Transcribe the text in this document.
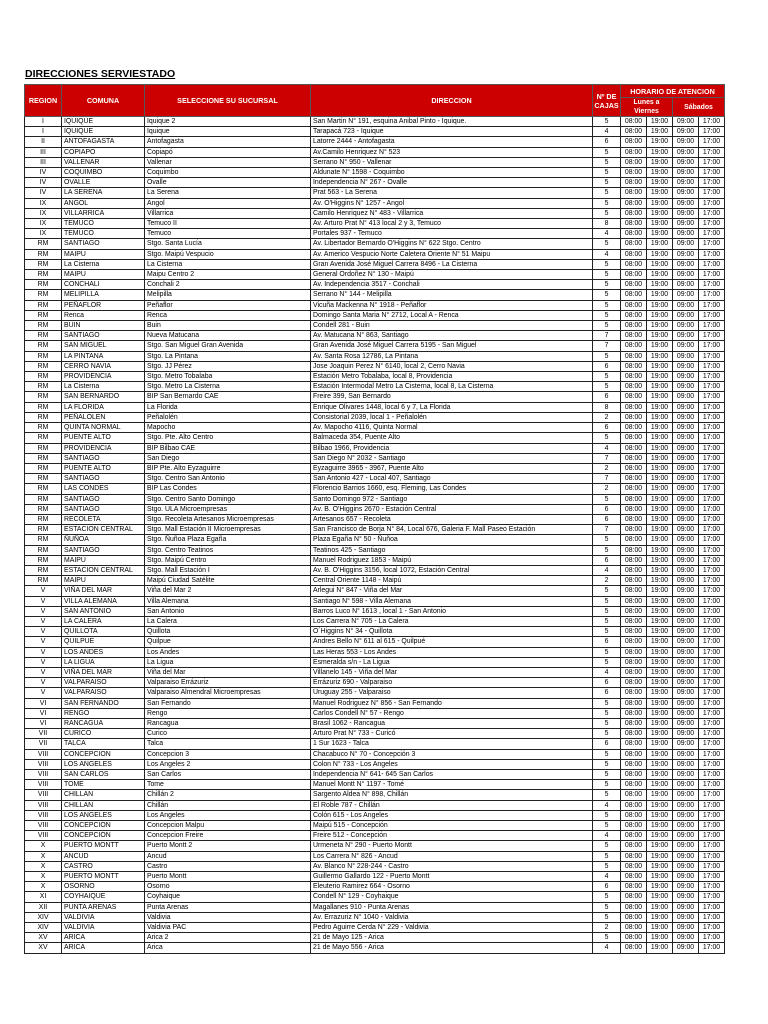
DIRECCIONES SERVIESTADO
REGION	COMUNA	SELECCIONE SU SUCURSAL	DIRECCION	Nº DE CAJAS	HORARIO DE ATENCION			
					Lunes a Viernes		Sábados	
I	IQUIQUE	Iquique 2	San Martin N° 191, esquina Anibal Pinto - Iquique.	5	08:00	19:00	09:00	17:00
I	IQUIQUE	Iquique	Tarapacá 723 - Iquique	4	08:00	19:00	09:00	17:00
II	ANTOFAGASTA	Antofagasta	Latorre 2444 - Antofagasta	6	08:00	19:00	09:00	17:00
III	COPIAPO	Copiapó	Av.Camilo Henriquez N° 523	5	08:00	19:00	09:00	17:00
III	VALLENAR	Vallenar	Serrano N° 950 - Vallenar	5	08:00	19:00	09:00	17:00
IV	COQUIMBO	Coquimbo	Aldunate N° 1598 - Coquimbo	5	08:00	19:00	09:00	17:00
IV	OVALLE	Ovalle	Independencia N° 267 - Ovalle	5	08:00	19:00	09:00	17:00
IV	LA SERENA	La Serena	Prat 563 - La Serena	5	08:00	19:00	09:00	17:00
IX	ANGOL	Angol	Av. O'Higgins N° 1257 - Angol	5	08:00	19:00	09:00	17:00
IX	VILLARRICA	Villarrica	Camilo Henriquez N° 483 - Villarrica	5	08:00	19:00	09:00	17:00
IX	TEMUCO	Temuco II	Av. Arturo Prat N° 413 local 2 y 3, Temuco	8	08:00	19:00	09:00	17:00
IX	TEMUCO	Temuco	Portales 937 - Temuco	4	08:00	19:00	09:00	17:00
RM	SANTIAGO	Stgo. Santa Lucía	Av. Libertador Bernardo O'Higgins N° 622 Stgo. Centro	5	08:00	19:00	09:00	17:00
RM	MAIPU	Stgo. Maipú Vespucio	Av. Americo Vespucio Norte Caletera Oriente N° 51 Maipu	4	08:00	19:00	09:00	17:00
RM	La Cisterna	La Cisterna	Gran Avenida José Miguel Carrera 8496 - La Cisterna	5	08:00	19:00	09:00	17:00
RM	MAIPU	Maipu Centro 2	General Ordoñez N° 130 - Maipú	5	08:00	19:00	09:00	17:00
RM	CONCHALI	Conchali 2	Av. Independencia 3517 - Conchali	5	08:00	19:00	09:00	17:00
RM	MELIPILLA	Melipilla	Serrano N° 144 - Melipilla	5	08:00	19:00	09:00	17:00
RM	PEÑAFLOR	Peñaflor	Vicuña Mackenna N° 1918 - Peñaflor	5	08:00	19:00	09:00	17:00
RM	Renca	Renca	Domingo Santa Maria N° 2712, Local A - Renca	5	08:00	19:00	09:00	17:00
RM	BUIN	Buin	Condell 281 - Buin	5	08:00	19:00	09:00	17:00
RM	SANTIAGO	Nueva Matucana	Av. Matucana N° 863, Santiago	7	08:00	19:00	09:00	17:00
RM	SAN MIGUEL	Stgo. San Miguel Gran Avenida	Gran Avenida José Miguel Carrera 5195 - San Miguel	7	08:00	19:00	09:00	17:00
RM	LA PINTANA	Stgo. La Pintana	Av. Santa Rosa 12786, La Pintana	5	08:00	19:00	09:00	17:00
RM	CERRO NAVIA	Stgo. JJ Pérez	Jose Joaquin Perez N° 6140, local 2, Cerro Navia	6	08:00	19:00	09:00	17:00
RM	PROVIDENCIA	Stgo. Metro Tobalaba	Estación Metro Tobalaba, local 8, Providencia	5	08:00	19:00	09:00	17:00
RM	La Cisterna	Stgo. Metro La Cisterna	Estación Intermodal Metro La Cisterna, local 8, La Cisterna	5	08:00	19:00	09:00	17:00
RM	SAN BERNARDO	BIP San Bernardo CAE	Freire 399, San Bernardo	6	08:00	19:00	09:00	17:00
RM	LA FLORIDA	La Florida	Enrique Olivares 1448, local 6 y 7, La Florida	8	08:00	19:00	09:00	17:00
RM	PEÑALOLEN	Peñalolén	Consistorial 2039, local 1 - Peñalolén	2	08:00	19:00	09:00	17:00
RM	QUINTA NORMAL	Mapocho	Av. Mapocho 4116, Quinta Normal	6	08:00	19:00	09:00	17:00
RM	PUENTE ALTO	Stgo. Pte. Alto Centro	Balmaceda 354, Puente Alto	5	08:00	19:00	09:00	17:00
RM	PROVIDENCIA	BIP Bilbao CAE	Bilbao 1966, Providencia	4	08:00	19:00	09:00	17:00
RM	SANTIAGO	San Diego	San Diego N° 2032 - Santiago	7	08:00	19:00	09:00	17:00
RM	PUENTE ALTO	BIP Pte. Alto Eyzaguirre	Eyzaguirre 3965 - 3967, Puente Alto	2	08:00	19:00	09:00	17:00
RM	SANTIAGO	Stgo. Centro San Antonio	San Antonio 427 - Local 407, Santiago	7	08:00	19:00	09:00	17:00
RM	LAS CONDES	BIP Las Condes	Florencio Barrios 1660, esq. Fleming, Las Condes	2	08:00	19:00	09:00	17:00
RM	SANTIAGO	Stgo. Centro Santo Domingo	Santo Domingo 972 - Santiago	5	08:00	19:00	09:00	17:00
RM	SANTIAGO	Stgo. ULA Microempresas	Av. B. O'Higgins 2670 - Estación Central	6	08:00	19:00	09:00	17:00
RM	RECOLETA	Stgo. Recoleta Artesanos Microempresas	Artesanos 657 - Recoleta	6	08:00	19:00	09:00	17:00
RM	ESTACION CENTRAL	Stgo. Mall Estación II Microempresas	San Francisco de Borja N° 84, Local 676, Galeria F. Mall Paseo Estación	7	08:00	19:00	09:00	17:00
RM	ÑUÑOA	Stgo. Ñuñoa Plaza Egaña	Plaza Egaña N° 50 - Ñuñoa	5	08:00	19:00	09:00	17:00
RM	SANTIAGO	Stgo. Centro Teatinos	Teatinos 425 - Santiago	5	08:00	19:00	09:00	17:00
RM	MAIPU	Stgo. Maipú Centro	Manuel Rodriguez 1853 - Maipú	6	08:00	19:00	09:00	17:00
RM	ESTACION CENTRAL	Stgo. Mall Estación I	Av. B. O'Higgins 3156, local 1072, Estación Central	4	08:00	19:00	09:00	17:00
RM	MAIPU	Maipú Ciudad Satélite	Central Oriente 1148 - Maipú	2	08:00	19:00	09:00	17:00
V	VIÑA DEL MAR	Viña del Mar 2	Arlegui N° 847 - Viña del Mar	5	08:00	19:00	09:00	17:00
V	VILLA ALEMANA	Villa Alemana	Santiago N° 598 - Villa Alemana	5	08:00	19:00	09:00	17:00
V	SAN ANTONIO	San Antonio	Barros Luco N° 1613 , local 1 - San Antonio	5	08:00	19:00	09:00	17:00
V	LA CALERA	La Calera	Los Carrera N° 705 - La Calera	5	08:00	19:00	09:00	17:00
V	QUILLOTA	Quillota	O´Higgins N° 34 - Quillota	5	08:00	19:00	09:00	17:00
V	QUILPUE	Quilpue	Andres Bello N° 611 al 615 - Quilpué	6	08:00	19:00	09:00	17:00
V	LOS ANDES	Los Andes	Las Heras 553 - Los Andes	5	08:00	19:00	09:00	17:00
V	LA LIGUA	La Ligua	Esmeralda s/n - La Ligua	5	08:00	19:00	09:00	17:00
V	VIÑA DEL MAR	Viña del Mar	Villanelo 145 - Viña del Mar	4	08:00	19:00	09:00	17:00
V	VALPARAISO	Valparaiso Errázuriz	Errázuriz 690 - Valparaiso	6	08:00	19:00	09:00	17:00
V	VALPARAISO	Valparaiso Almendral Microempresas	Uruguay 255 - Valparaiso	6	08:00	19:00	09:00	17:00
VI	SAN FERNANDO	San Fernando	Manuel Rodriguez N° 856 - San Fernando	5	08:00	19:00	09:00	17:00
VI	RENGO	Rengo	Carlos Condell N° 57 - Rengo	5	08:00	19:00	09:00	17:00
VI	RANCAGUA	Rancagua	Brasil 1062 - Rancagua	5	08:00	19:00	09:00	17:00
VII	CURICO	Curico	Arturo Prat N° 733 - Curicó	5	08:00	19:00	09:00	17:00
VII	TALCA	Talca	1 Sur 1623 - Talca	6	08:00	19:00	09:00	17:00
VIII	CONCEPCION	Concepcion 3	Chacabuco N° 70 - Concepción 3	5	08:00	19:00	09:00	17:00
VIII	LOS ANGELES	Los Angeles 2	Colon N° 733 - Los Angeles	5	08:00	19:00	09:00	17:00
VIII	SAN CARLOS	San Carlos	Independencia N° 641- 645 San Carlos	5	08:00	19:00	09:00	17:00
VIII	TOME	Tome	Manuel Montt N° 1197 - Tomé	5	08:00	19:00	09:00	17:00
VIII	CHILLAN	Chillán 2	Sargento Aldea N° 898, Chillán	5	08:00	19:00	09:00	17:00
VIII	CHILLAN	Chillán	El Roble 787 - Chillán	4	08:00	19:00	09:00	17:00
VIII	LOS ANGELES	Los Angeles	Colón 615 - Los Angeles	5	08:00	19:00	09:00	17:00
VIII	CONCEPCION	Concepcion Malpu	Maipú 515 - Concepción	5	08:00	19:00	09:00	17:00
VIII	CONCEPCION	Concepcion Freire	Freire 512 - Concepción	4	08:00	19:00	09:00	17:00
X	PUERTO MONTT	Puerto Montt 2	Urmeneta N° 290 - Puerto Montt	5	08:00	19:00	09:00	17:00
X	ANCUD	Ancud	Los Carrera N° 826 - Ancud	5	08:00	19:00	09:00	17:00
X	CASTRO	Castro	Av. Blanco N° 228-244 - Castro	5	08:00	19:00	09:00	17:00
X	PUERTO MONTT	Puerto Montt	Guillermo Gallardo 122 - Puerto Montt	4	08:00	19:00	09:00	17:00
X	OSORNO	Osorno	Eleuterio Ramirez 664 - Osorno	6	08:00	19:00	09:00	17:00
XI	COYHAIQUE	Coyhaique	Condell N° 129 - Coyhaique	5	08:00	19:00	09:00	17:00
XII	PUNTA ARENAS	Punta Arenas	Magallanes 910 - Punta Arenas	5	08:00	19:00	09:00	17:00
XIV	VALDIVIA	Valdivia	Av. Errazuriz N° 1040 - Valdivia	5	08:00	19:00	09:00	17:00
XIV	VALDIVIA	Valdivia PAC	Pedro Aguirre Cerda N° 229 - Valdivia	2	08:00	19:00	09:00	17:00
XV	ARICA	Arica 2	21 de Mayo 125 - Arica	5	08:00	19:00	09:00	17:00
XV	ARICA	Arica	21 de Mayo 556 - Arica	4	08:00	19:00	09:00	17:00
